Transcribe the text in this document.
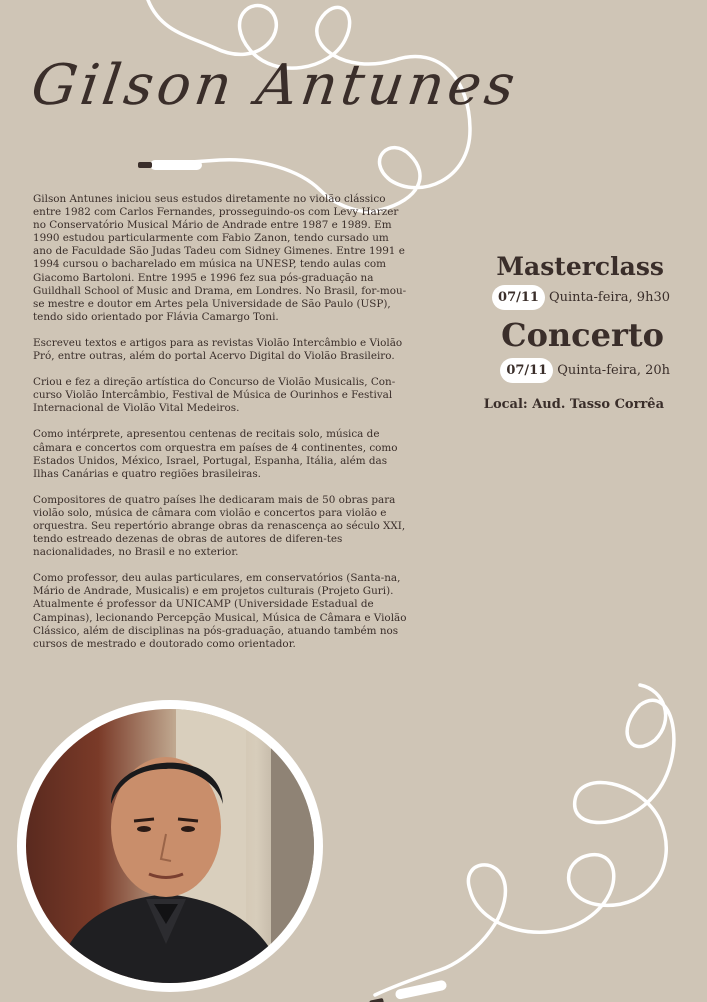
Gilson Antunes

Gilson Antunes iniciou seus estudos diretamente no violão clássico entre 1982 com Carlos Fernandes, prosseguindo-os com Levy Harzer no Conservatório Musical Mário de Andrade entre 1987 e 1989. Em 1990 estudou particularmente com Fabio Zanon, tendo cursado um ano de Faculdade São Judas Tadeu com Sidney Gimenes. Entre 1991 e 1994 cursou o bacharelado em música na UNESP, tendo aulas com Giacomo Bartoloni. Entre 1995 e 1996 fez sua pós-graduação na Guildhall School of Music and Drama, em Londres. No Brasil, for-mou-se mestre e doutor em Artes pela Universidade de São Paulo (USP), tendo sido orientado por Flávia Camargo Toni.

Escreveu textos e artigos para as revistas Violão Intercâmbio e Violão Pró, entre outras, além do portal Acervo Digital do Violão Brasileiro.

Criou e fez a direção artística do Concurso de Violão Musicalis, Con-curso Violão Intercâmbio, Festival de Música de Ourinhos e Festival Internacional de Violão Vital Medeiros.

Como intérprete, apresentou centenas de recitais solo, música de câmara e concertos com orquestra em países de 4 continentes, como Estados Unidos, México, Israel, Portugal, Espanha, Itália, além das Ilhas Canárias e quatro regiões brasileiras.

Compositores de quatro países lhe dedicaram mais de 50 obras para violão solo, música de câmara com violão e concertos para violão e orquestra. Seu repertório abrange obras da renascença ao século XXI, tendo estreado dezenas de obras de autores de diferen-tes nacionalidades, no Brasil e no exterior.

Como professor, deu aulas particulares, em conservatórios (Santa-na, Mário de Andrade, Musicalis) e em projetos culturais (Projeto Guri). Atualmente é professor da UNICAMP (Universidade Estadual de Campinas), lecionando Percepção Musical, Música de Câmara e Violão Clássico, além de disciplinas na pós-graduação, atuando também nos cursos de mestrado e doutorado como orientador.

Masterclass
07/11 Quinta-feira, 9h30
Concerto
07/11 Quinta-feira, 20h
Local: Aud. Tasso Corrêa
